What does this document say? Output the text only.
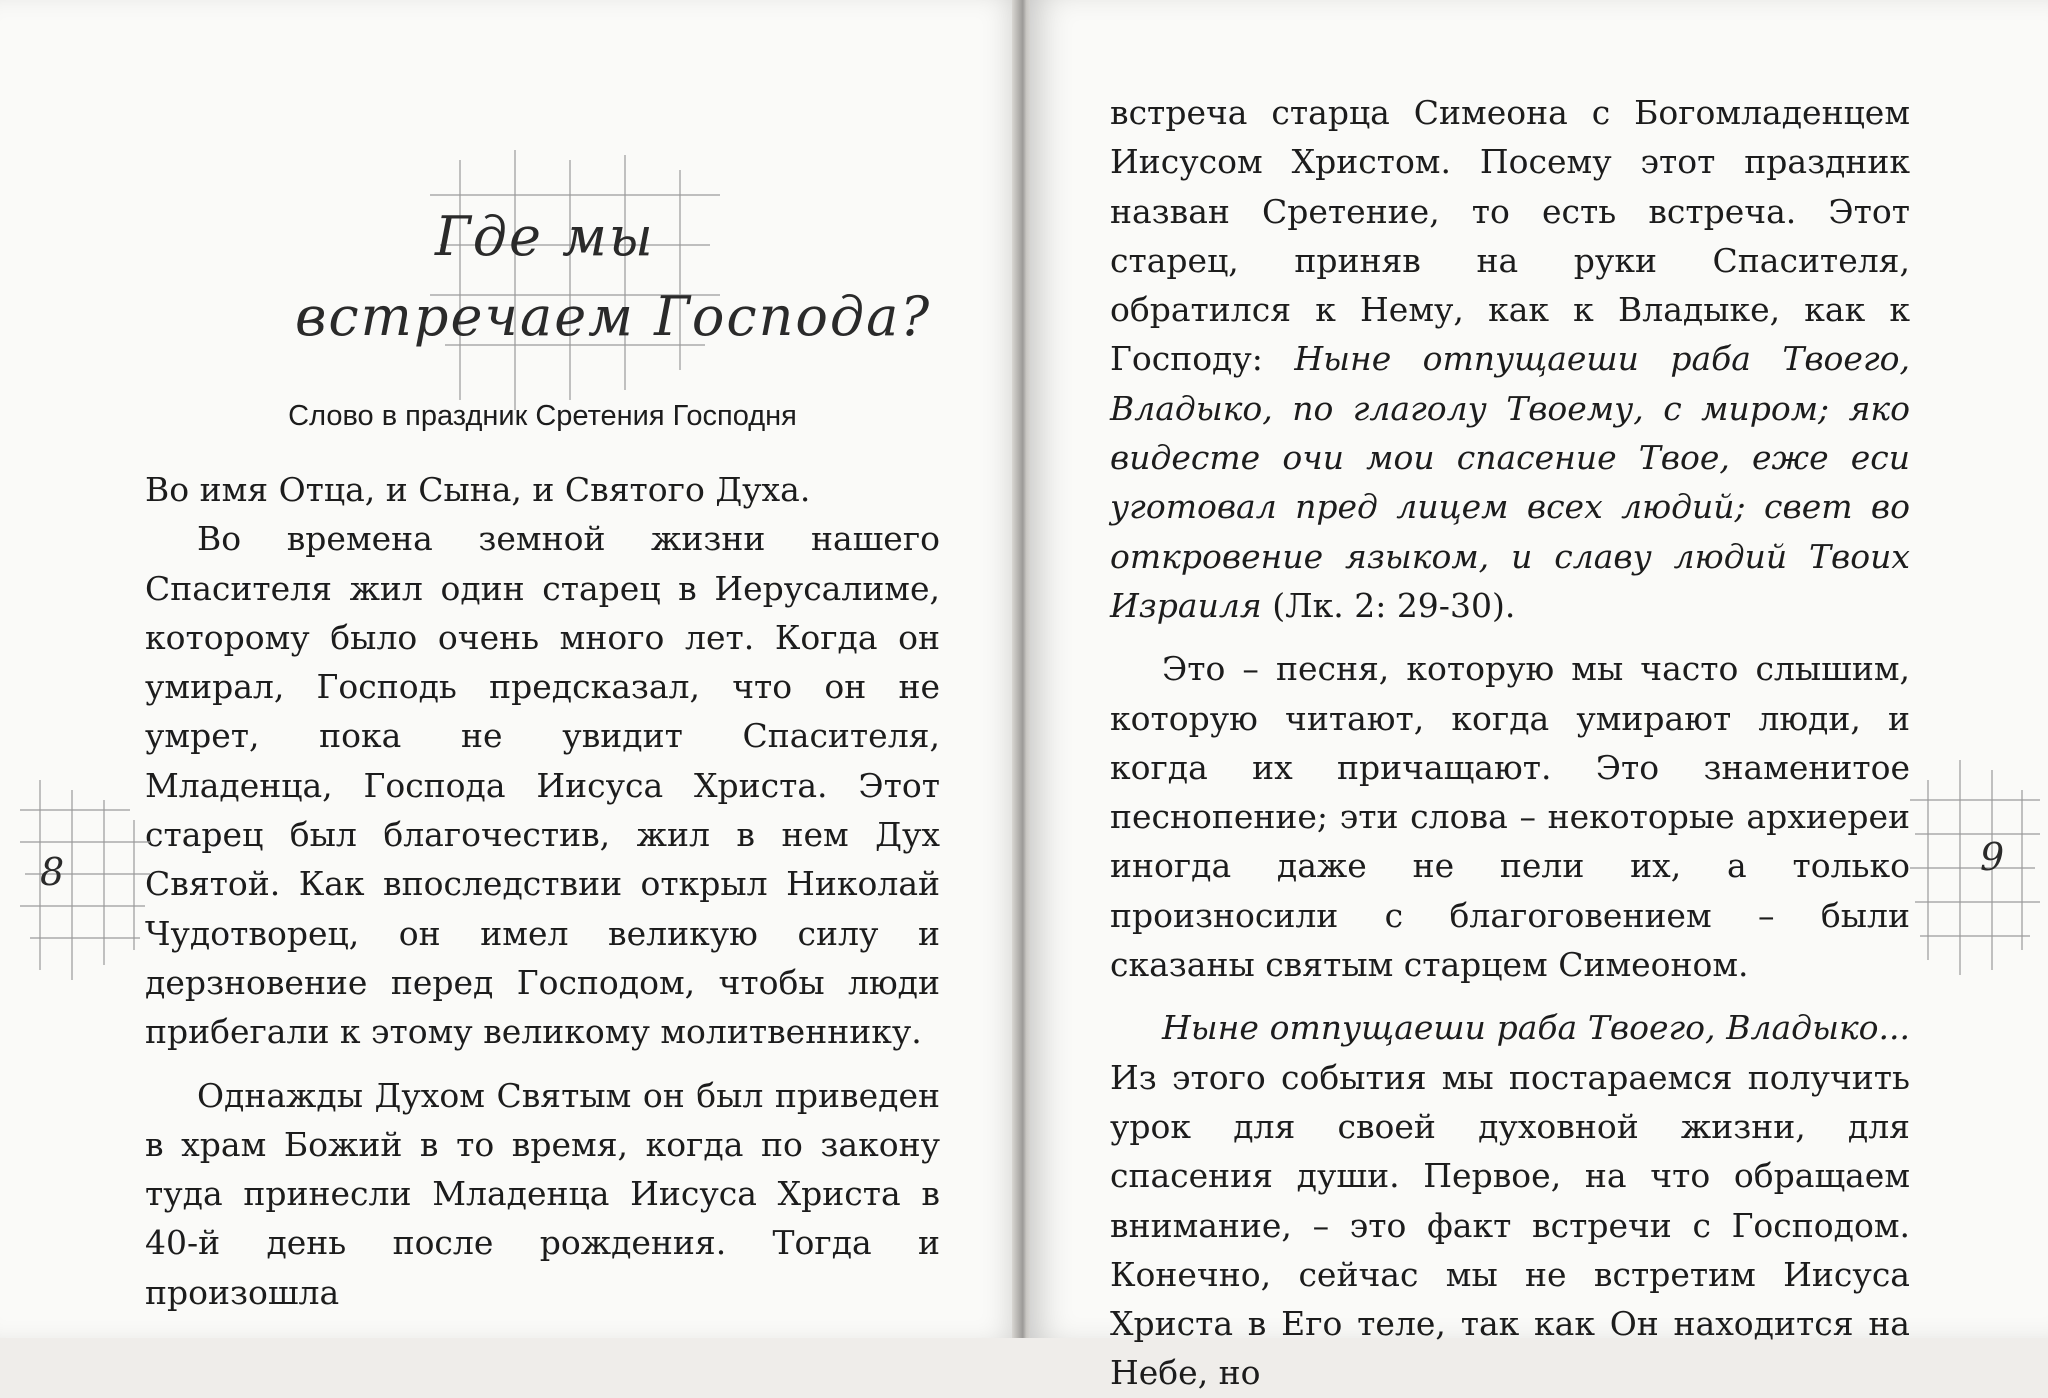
Где мы
встречаем Господа?
Слово в праздник Сретения Господня

Во имя Отца, и Сына, и Святого Духа.

Во времена земной жизни нашего Спасителя жил один старец в Иерусалиме, которому было очень много лет. Когда он умирал, Господь предсказал, что он не умрет, пока не увидит Спасителя, Младенца, Господа Иисуса Христа. Этот старец был благочестив, жил в нем Дух Святой. Как впоследствии открыл Николай Чудотворец, он имел великую силу и дерзновение перед Господом, чтобы люди прибегали к этому великому молитвеннику.

Однажды Духом Святым он был приведен в храм Божий в то время, когда по закону туда принесли Младенца Иисуса Христа в 40-й день после рождения. Тогда и произошла

8	9

встреча старца Симеона с Богомладенцем Иисусом Христом. Посему этот праздник назван Сретение, то есть встреча. Этот старец, приняв на руки Спасителя, обратился к Нему, как к Владыке, как к Господу: Ныне отпущаеши раба Твоего, Владыко, по глаголу Твоему, с миром; яко видесте очи мои спасение Твое, еже еси уготовал пред лицем всех людий; свет во откровение языком, и славу людий Твоих Израиля (Лк. 2: 29-30).

Это – песня, которую мы часто слышим, которую читают, когда умирают люди, и когда их причащают. Это знаменитое песнопение; эти слова – некоторые архиереи иногда даже не пели их, а только произносили с благоговением – были сказаны святым старцем Симеоном.

Ныне отпущаеши раба Твоего, Владыко... Из этого события мы постараемся получить урок для своей духовной жизни, для спасения души. Первое, на что обращаем внимание, – это факт встречи с Господом. Конечно, сейчас мы не встретим Иисуса Христа в Его теле, так как Он находится на Небе, но
